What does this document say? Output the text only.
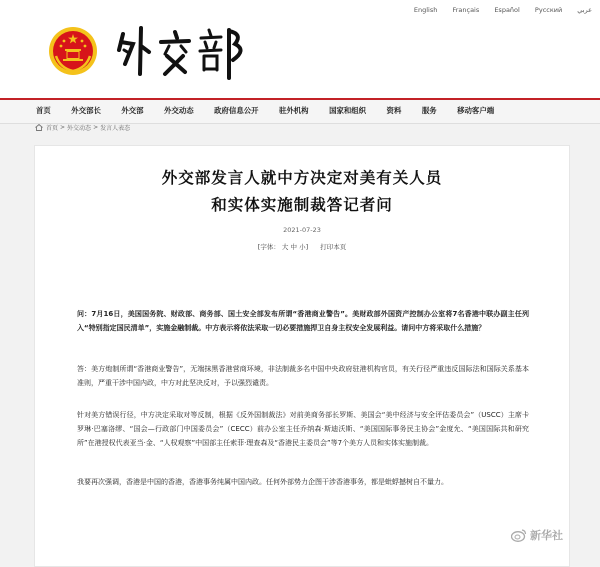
English Français Español Русский عربي
首页	外交部长	外交部	外交动态	政府信息公开	驻外机构	国家和组织	资料	服务	移动客户端
首页 > 外交动态 > 发言人表态
外交部发言人就中方决定对美有关人员
和实体实施制裁答记者问
2021-07-23
[字体： 大 中 小] 打印本页
问：7月16日，美国国务院、财政部、商务部、国土安全部发布所谓“香港商业警告”。美财政部外国资产控制办公室将7名香港中联办副主任列入“特别指定国民清单”，实施金融制裁。中方表示将依法采取一切必要措施捍卫自身主权安全发展利益。请问中方将采取什么措施？
答：美方炮制所谓“香港商业警告”，无端抹黑香港营商环境，非法制裁多名中国中央政府驻港机构官员，有关行径严重违反国际法和国际关系基本准则，严重干涉中国内政，中方对此坚决反对，予以强烈谴责。
针对美方错误行径，中方决定采取对等反制，根据《反外国制裁法》对前美商务部长罗斯、美国会“美中经济与安全评估委员会”（USCC）主席卡罗琳·巴塞洛缪、“国会—行政部门中国委员会”（CECC）前办公室主任乔纳森·斯迪沃斯、“美国国际事务民主协会”金度允、“美国国际共和研究所”在港授权代表亚当·金、“人权观察”中国部主任索菲·理查森及“香港民主委员会”等7个美方人员和实体实施制裁。
我要再次强调，香港是中国的香港，香港事务纯属中国内政。任何外部势力企图干涉香港事务，都是蚍蜉撼树自不量力。
新华社
